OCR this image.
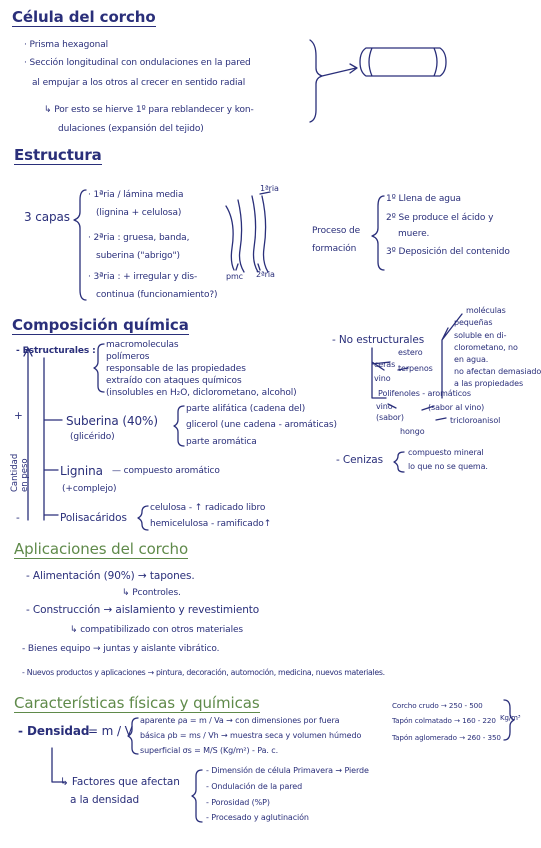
Célula del corcho
· Prisma hexagonal
· Sección longitudinal con ondulaciones en la pared
al empujar a los otros al crecer en sentido radial
↳ Por esto se hierve 1º para reblandecer y kon-
dulaciones (expansión del tejido)
Estructura
3 capas
· 1ªria / lámina media
(lignina + celulosa)
· 2ªria : gruesa, banda,
suberina ("abrigo")
· 3ªria : + irregular y dis-
continua (funcionamiento?)
1ªria
pmc 2ªria
Proceso de
formación
1º Llena de agua
2º Se produce el ácido y
muere.
3º Deposición del contenido
Composición química
- Estructurales :
macromoleculas
polímeros
responsable de las propiedades
extraído con ataques químicos
(insolubles en H₂O, diclorometano, alcohol)
+
-
Cantidad en peso
Suberina (40%)
(glicérido)
parte alifática (cadena del)
glicerol (une cadena - aromáticas)
parte aromática
Lignina — compuesto aromático
(+complejo)
Polisacáridos
celulosa - ↑ radicado libro
hemicelulosa - ramificado↑
- No estructurales
moléculas
pequeñas
soluble en di-
clorometano, no
en agua.
no afectan demasiado
a las propiedades
ceras
vino
estero
terpenos
Polifenoles - aromáticos
vino
(sabor)
(sabor al vino)
hongo
tricloroanisol
- Cenizas
compuesto mineral
lo que no se quema.
Aplicaciones del corcho
- Alimentación (90%) → tapones.
↳ Pcontroles.
- Construcción → aislamiento y revestimiento
↳ compatibilizado con otros materiales
- Bienes equipo → juntas y aislante vibrático.
- Nuevos productos y aplicaciones → pintura, decoración, automoción, medicina, nuevos materiales.
Características físicas y químicas
- Densidad
= m / V
aparente ρa = m / Va → con dimensiones por fuera
básica ρb = ms / Vh → muestra seca y volumen húmedo
superficial σs = M/S (Kg/m²) - Pa. c.
Corcho crudo → 250 - 500
Tapón colmatado → 160 - 220
Tapón aglomerado → 260 - 350
Kg/m³
↳ Factores que afectan
a la densidad
- Dimensión de célula Primavera → Pierde
- Ondulación de la pared
- Porosidad (%P)
- Procesado y aglutinación
